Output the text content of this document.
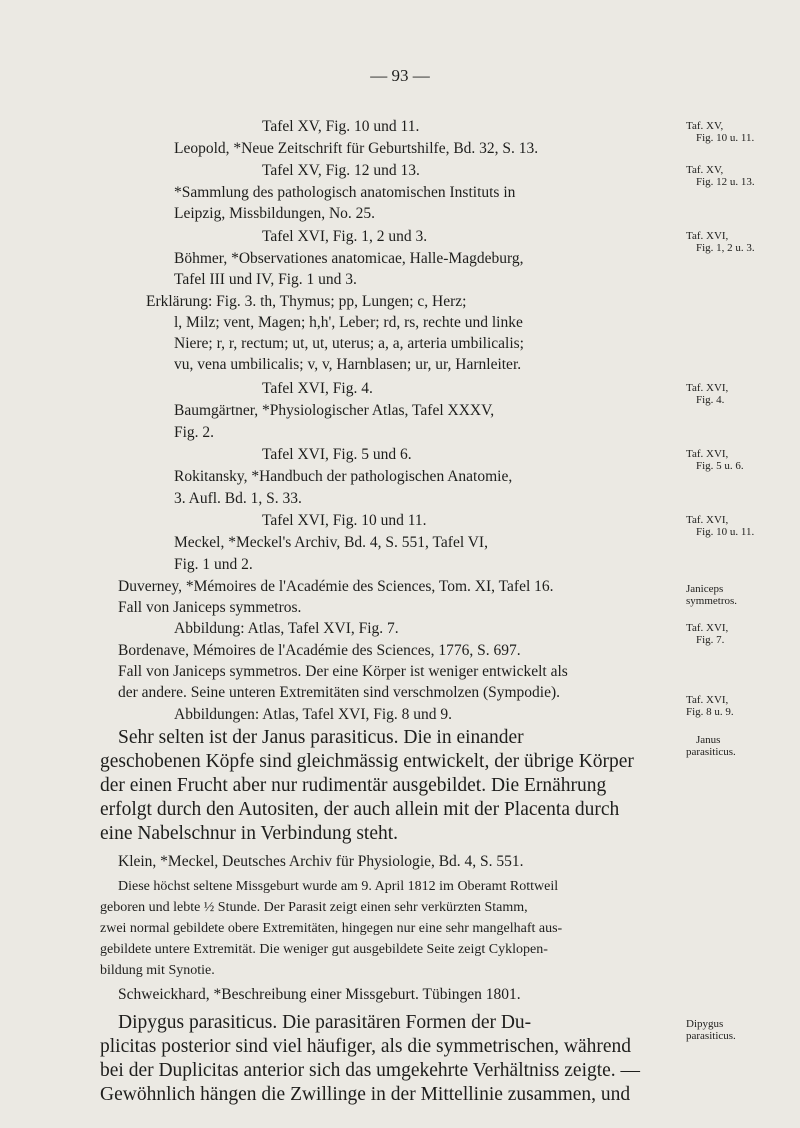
— 93 —
Tafel XV, Fig. 10 und 11.
Leopold, *Neue Zeitschrift für Geburtshilfe, Bd. 32, S. 13.
Tafel XV, Fig. 12 und 13.
*Sammlung des pathologisch anatomischen Instituts in
Leipzig, Missbildungen, No. 25.
Tafel XVI, Fig. 1, 2 und 3.
Böhmer, *Observationes anatomicae, Halle-Magdeburg,
Tafel III und IV, Fig. 1 und 3.
Erklärung: Fig. 3. th, Thymus; pp, Lungen; c, Herz;
l, Milz; vent, Magen; h,h', Leber; rd, rs, rechte und linke
Niere; r, r, rectum; ut, ut, uterus; a, a, arteria umbilicalis;
vu, vena umbilicalis; v, v, Harnblasen; ur, ur, Harnleiter.
Tafel XVI, Fig. 4.
Baumgärtner, *Physiologischer Atlas, Tafel XXXV,
Fig. 2.
Tafel XVI, Fig. 5 und 6.
Rokitansky, *Handbuch der pathologischen Anatomie,
3. Aufl. Bd. 1, S. 33.
Tafel XVI, Fig. 10 und 11.
Meckel, *Meckel's Archiv, Bd. 4, S. 551, Tafel VI,
Fig. 1 und 2.
Duverney, *Mémoires de l'Académie des Sciences, Tom. XI, Tafel 16.
Fall von Janiceps symmetros.
Abbildung: Atlas, Tafel XVI, Fig. 7.
Bordenave, Mémoires de l'Académie des Sciences, 1776, S. 697.
Fall von Janiceps symmetros. Der eine Körper ist weniger entwickelt als
der andere. Seine unteren Extremitäten sind verschmolzen (Sympodie).
Abbildungen: Atlas, Tafel XVI, Fig. 8 und 9.
Sehr selten ist der Janus parasiticus. Die in einander
geschobenen Köpfe sind gleichmässig entwickelt, der übrige Körper
der einen Frucht aber nur rudimentär ausgebildet. Die Ernährung
erfolgt durch den Autositen, der auch allein mit der Placenta durch
eine Nabelschnur in Verbindung steht.
Klein, *Meckel, Deutsches Archiv für Physiologie, Bd. 4, S. 551.
Diese höchst seltene Missgeburt wurde am 9. April 1812 im Oberamt Rottweil
geboren und lebte ½ Stunde. Der Parasit zeigt einen sehr verkürzten Stamm,
zwei normal gebildete obere Extremitäten, hingegen nur eine sehr mangelhaft aus-
gebildete untere Extremität. Die weniger gut ausgebildete Seite zeigt Cyklopen-
bildung mit Synotie.
Schweickhard, *Beschreibung einer Missgeburt. Tübingen 1801.
Dipygus parasiticus. Die parasitären Formen der Du-
plicitas posterior sind viel häufiger, als die symmetrischen, während
bei der Duplicitas anterior sich das umgekehrte Verhältniss zeigte. —
Gewöhnlich hängen die Zwillinge in der Mittellinie zusammen, und
Taf. XV,
Fig. 10 u. 11.
Taf. XV,
Fig. 12 u. 13.
Taf. XVI,
Fig. 1, 2 u. 3.
Taf. XVI,
Fig. 4.
Taf. XVI,
Fig. 5 u. 6.
Taf. XVI,
Fig. 10 u. 11.
Janiceps
symmetros.
Taf. XVI,
Fig. 7.
Taf. XVI,
Fig. 8 u. 9.
Janus
parasiticus.
Dipygus
parasiticus.
